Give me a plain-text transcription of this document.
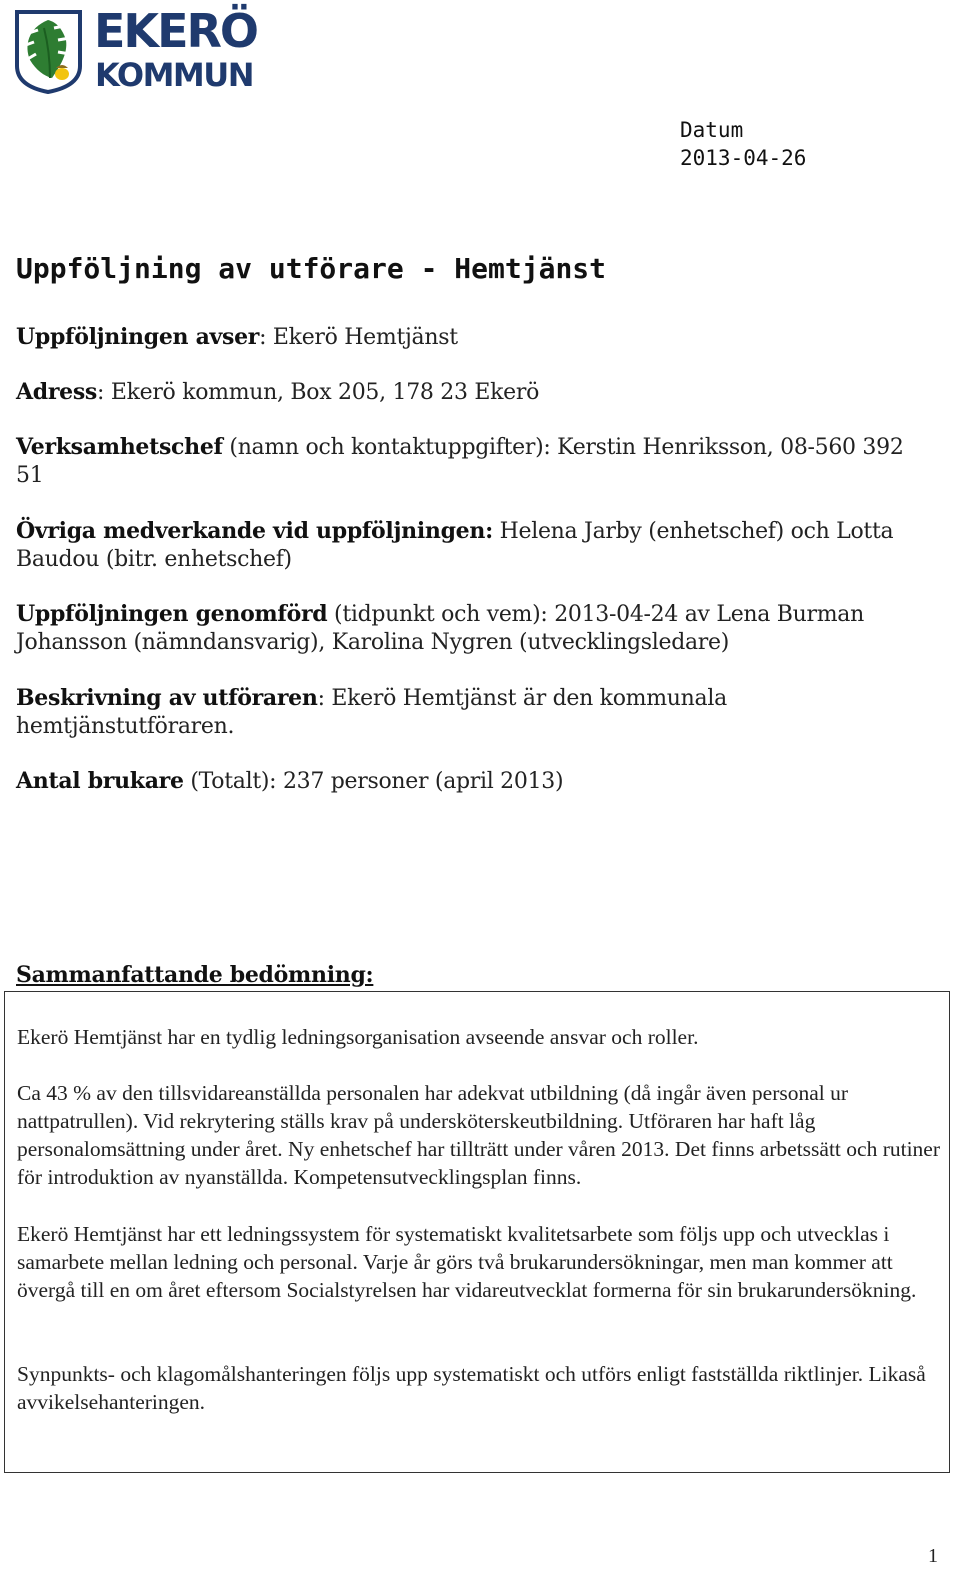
EKERÖ
KOMMUN
Datum
2013-04-26
Uppföljning av utförare - Hemtjänst

Uppföljningen avser: Ekerö Hemtjänst

Adress: Ekerö kommun, Box 205, 178 23 Ekerö

Verksamhetschef (namn och kontaktuppgifter): Kerstin Henriksson, 08-560 392 51

Övriga medverkande vid uppföljningen: Helena Jarby (enhetschef) och Lotta Baudou (bitr. enhetschef)

Uppföljningen genomförd (tidpunkt och vem): 2013-04-24 av Lena Burman Johansson (nämndansvarig), Karolina Nygren (utvecklingsledare)

Beskrivning av utföraren: Ekerö Hemtjänst är den kommunala hemtjänstutföraren.

Antal brukare (Totalt): 237 personer (april 2013)

Sammanfattande bedömning:

Ekerö Hemtjänst har en tydlig ledningsorganisation avseende ansvar och roller.

Ca 43 % av den tillsvidareanställda personalen har adekvat utbildning (då ingår även personal ur nattpatrullen). Vid rekrytering ställs krav på undersköterskeutbildning. Utföraren har haft låg personalomsättning under året. Ny enhetschef har tillträtt under våren 2013. Det finns arbetssätt och rutiner för introduktion av nyanställda. Kompetensutvecklingsplan finns.

Ekerö Hemtjänst har ett ledningssystem för systematiskt kvalitetsarbete som följs upp och utvecklas i samarbete mellan ledning och personal. Varje år görs två brukarundersökningar, men man kommer att övergå till en om året eftersom Socialstyrelsen har vidareutvecklat formerna för sin brukarundersökning.

Synpunkts- och klagomålshanteringen följs upp systematiskt och utförs enligt fastställda riktlinjer. Likaså avvikelsehanteringen.

1
